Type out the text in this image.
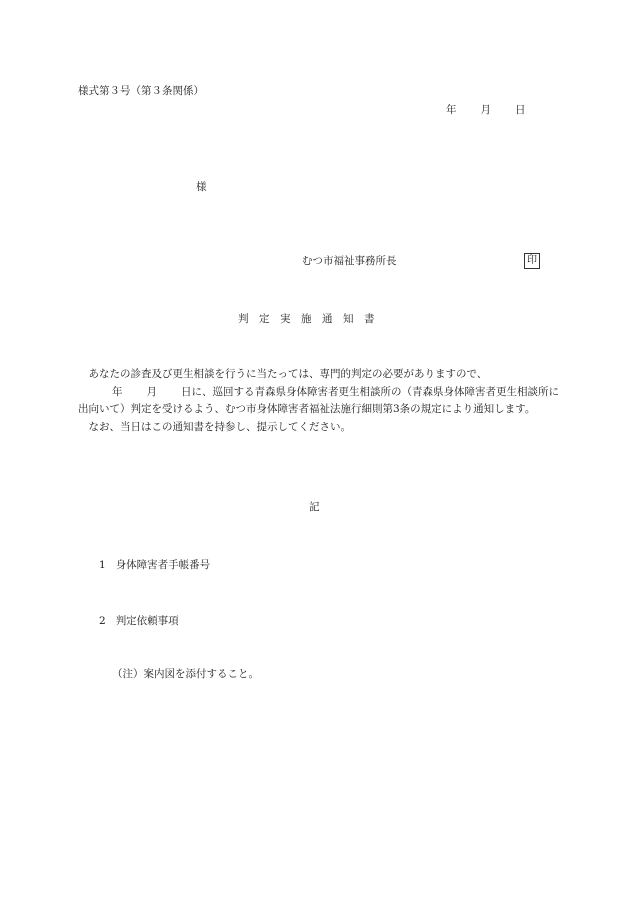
様式第３号（第３条関係）
年 月 日
様
むつ市福祉事務所長	印
判定実施通知書

あなたの診査及び更生相談を行うに当たっては、専門的判定の必要がありますので、

年 月 日に、巡回する青森県身体障害者更生相談所の（青森県身体障害者更生相談所に出向いて）判定を受けるよう、むつ市身体障害者福祉法施行細則第3条の規定により通知します。

なお、当日はこの通知書を持参し、提示してください。

記
1 身体障害者手帳番号
2 判定依頼事項
（注）案内図を添付すること。
